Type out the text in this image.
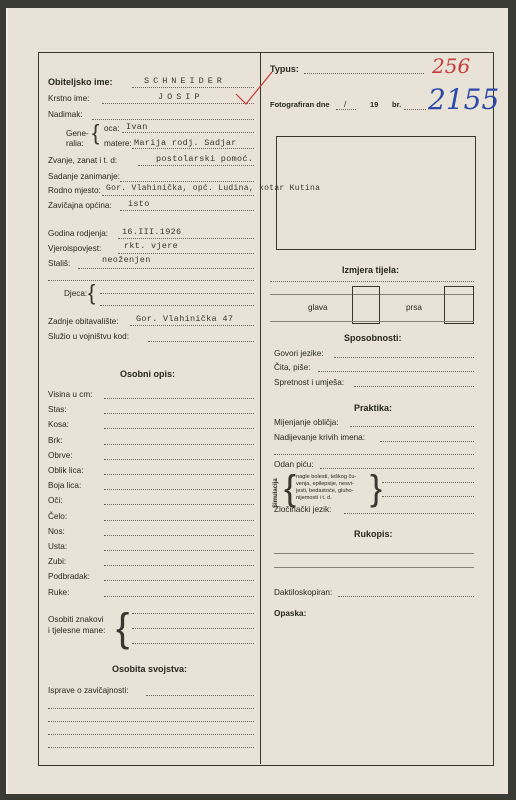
Typus:	256
2155
Fotografiran dne /	19 br.
Obiteljsko ime:	SCHNEIDER
Krstno ime:	JOSIP
Nadimak:
Gene-
ralia: { oca: Ivan
matere: Marija rodj. Sadjar
Zvanje, zanat i t. d:	postolarski pomoć.
Sadanje zanimanje:
Rodno mjesto: Gor. Vlahinička, opć. Ludina, kotar Kutina
Zavičajna općina: isto
Godina rodjenja: 16.III.1926
Vjeroispovjest:	rkt. vjere
Stališ:	neoženjen
Djeca: {
Zadnje obitavalište: Gor. Vlahinička 47
Služio u vojništvu kod:
Osobni opis:
Visina u cm:
Stas:
Kosa:
Brk:
Obrve:
Oblik lica:
Boja lica:
Oči:
Čelo:
Nos:
Usta:
Zubi:
Podbradak:
Ruke:
Osobiti znakovi
i tjelesne mane: {
Osobita svojstva:
Isprave o zavičajnosti:
Izmjera tijela:
glava	prsa
Sposobnosti:
Govori jezike:
Čita, piše:
Spretnost i umješa:
Praktika:
Mijenjanje obličja:
Nadijevanje krivih imena:
Odan piću:
Simulacija { nagle bolesti, teškog ču-
venja, epilepsije, nesvi-
jesti, bedastoće, gluho-
nijemosti i t. d. }
Zločinački jezik:
Rukopis:
Daktiloskopiran:
Opaska:
